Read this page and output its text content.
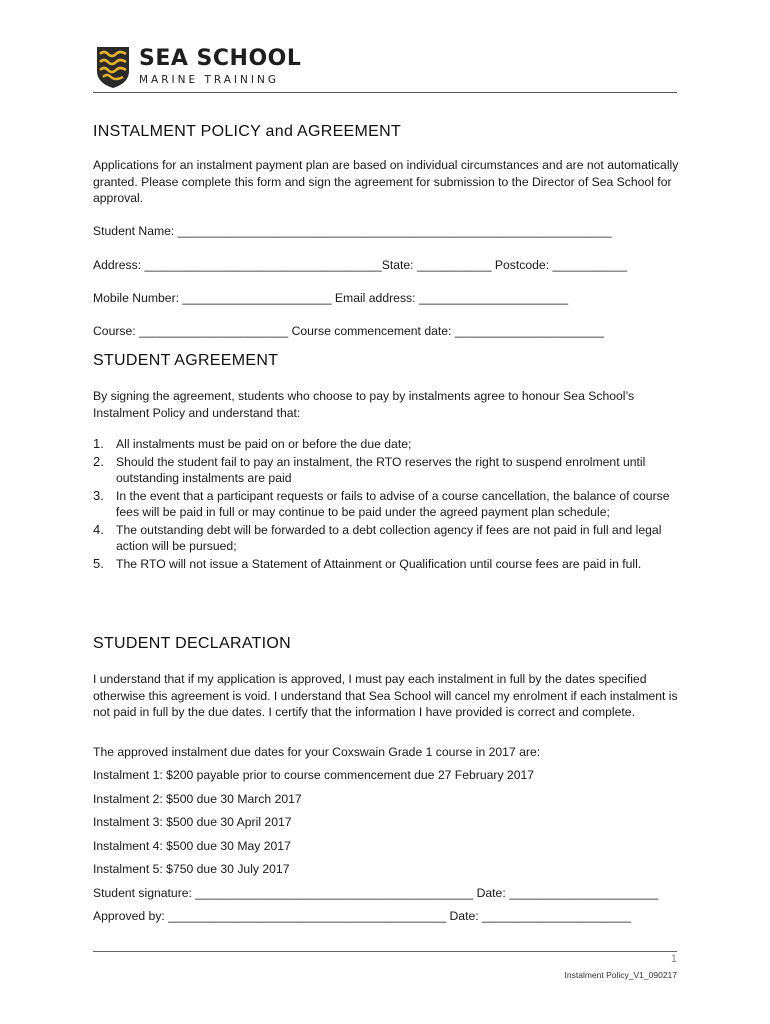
SEA SCHOOL
MARINE TRAINING
INSTALMENT POLICY and AGREEMENT
Applications for an instalment payment plan are based on individual circumstances and are not automatically granted. Please complete this form and sign the agreement for submission to the Director of Sea School for approval.
Student Name: ________________________________________________________________
Address: ___________________________________State: ___________ Postcode: ___________
Mobile Number: ______________________ Email address: ______________________
Course: ______________________ Course commencement date: ______________________
STUDENT AGREEMENT
By signing the agreement, students who choose to pay by instalments agree to honour Sea School’s Instalment Policy and understand that:
1. All instalments must be paid on or before the due date;
2. Should the student fail to pay an instalment, the RTO reserves the right to suspend enrolment until outstanding instalments are paid
3. In the event that a participant requests or fails to advise of a course cancellation, the balance of course fees will be paid in full or may continue to be paid under the agreed payment plan schedule;
4. The outstanding debt will be forwarded to a debt collection agency if fees are not paid in full and legal action will be pursued;
5. The RTO will not issue a Statement of Attainment or Qualification until course fees are paid in full.
STUDENT DECLARATION
I understand that if my application is approved, I must pay each instalment in full by the dates specified otherwise this agreement is void. I understand that Sea School will cancel my enrolment if each instalment is not paid in full by the due dates. I certify that the information I have provided is correct and complete.
The approved instalment due dates for your Coxswain Grade 1 course in 2017 are:
Instalment 1: $200 payable prior to course commencement due 27 February 2017
Instalment 2: $500 due 30 March 2017
Instalment 3: $500 due 30 April 2017
Instalment 4: $500 due 30 May 2017
Instalment 5: $750 due 30 July 2017
Student signature: _________________________________________ Date: ______________________
Approved by: _________________________________________ Date: ______________________
1
Instalment Policy_V1_090217
